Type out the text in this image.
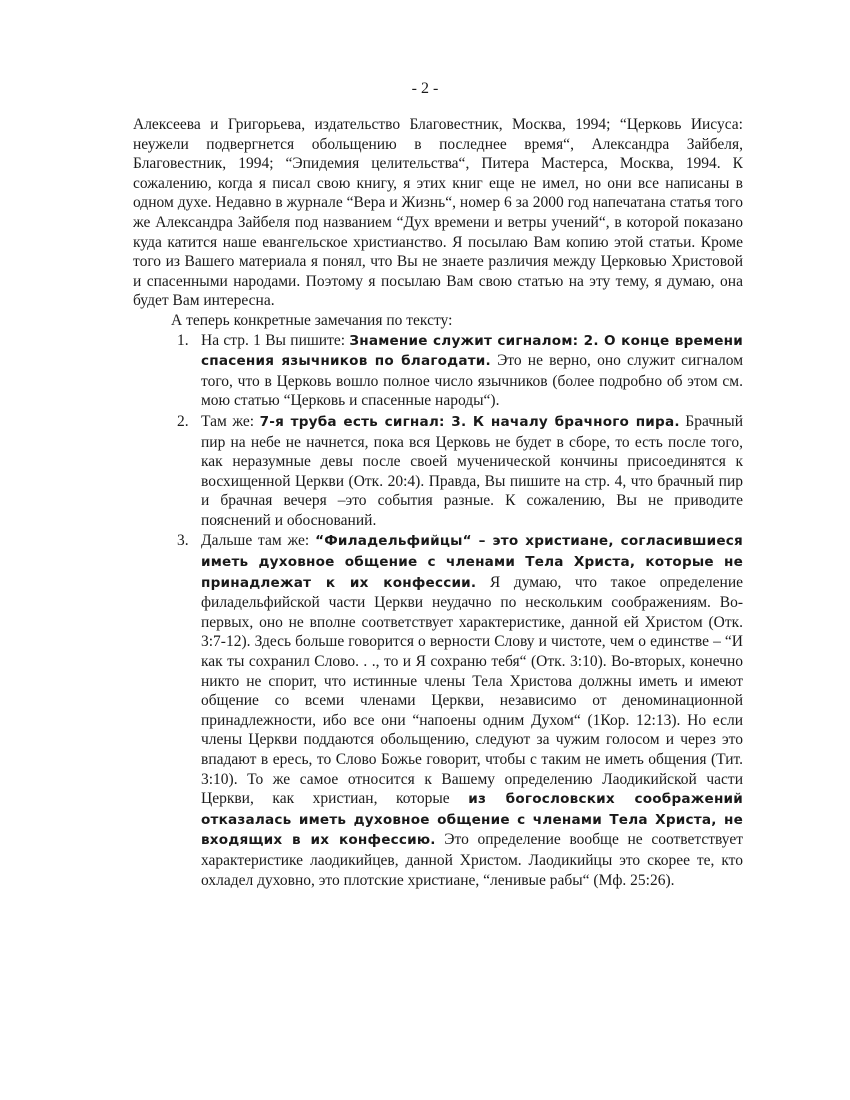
- 2 -

Алексеева и Григорьева, издательство Благовестник, Москва, 1994; “Церковь Иисуса: неужели подвергнется обольщению в последнее время“, Александра Зайбеля, Благовестник, 1994; “Эпидемия целительства“, Питера Мастерса, Москва, 1994. К сожалению, когда я писал свою книгу, я этих книг еще не имел, но они все написаны в одном духе. Недавно в журнале “Вера и Жизнь“, номер 6 за 2000 год напечатана статья того же Александра Зайбеля под названием “Дух времени и ветры учений“, в которой показано куда катится наше евангельское христианство. Я посылаю Вам копию этой статьи. Кроме того из Вашего материала я понял, что Вы не знаете различия между Церковью Христовой и спасенными народами. Поэтому я посылаю Вам свою статью на эту тему, я думаю, она будет Вам интересна.

А теперь конкретные замечания по тексту:

1. На стр. 1 Вы пишите: Знамение служит сигналом: 2. О конце времени спасения язычников по благодати. Это не верно, оно служит сигналом того, что в Церковь вошло полное число язычников (более подробно об этом см. мою статью “Церковь и спасенные народы“).
2. Там же: 7-я труба есть сигнал: 3. К началу брачного пира. Брачный пир на небе не начнется, пока вся Церковь не будет в сборе, то есть после того, как неразумные девы после своей мученической кончины присоединятся к восхищенной Церкви (Отк. 20:4). Правда, Вы пишите на стр. 4, что брачный пир и брачная вечеря –это события разные. К сожалению, Вы не приводите пояснений и обоснований.
3. Дальше там же: “Филадельфийцы“ – это христиане, согласившиеся иметь духовное общение с членами Тела Христа, которые не принадлежат к их конфессии. Я думаю, что такое определение филадельфийской части Церкви неудачно по нескольким соображениям. Во-первых, оно не вполне соответствует характеристике, данной ей Христом (Отк. 3:7-12). Здесь больше говорится о верности Слову и чистоте, чем о единстве – “И как ты сохранил Слово. . ., то и Я сохраню тебя“ (Отк. 3:10). Во-вторых, конечно никто не спорит, что истинные члены Тела Христова должны иметь и имеют общение со всеми членами Церкви, независимо от деноминационной принадлежности, ибо все они “напоены одним Духом“ (1Кор. 12:13). Но если члены Церкви поддаются обольщению, следуют за чужим голосом и через это впадают в ересь, то Слово Божье говорит, чтобы с таким не иметь общения (Тит. 3:10). То же самое относится к Вашему определению Лаодикийской части Церкви, как христиан, которые из богословских соображений отказалась иметь духовное общение с членами Тела Христа, не входящих в их конфессию. Это определение вообще не соответствует характеристике лаодикийцев, данной Христом. Лаодикийцы это скорее те, кто охладел духовно, это плотские христиане, “ленивые рабы“ (Мф. 25:26).
